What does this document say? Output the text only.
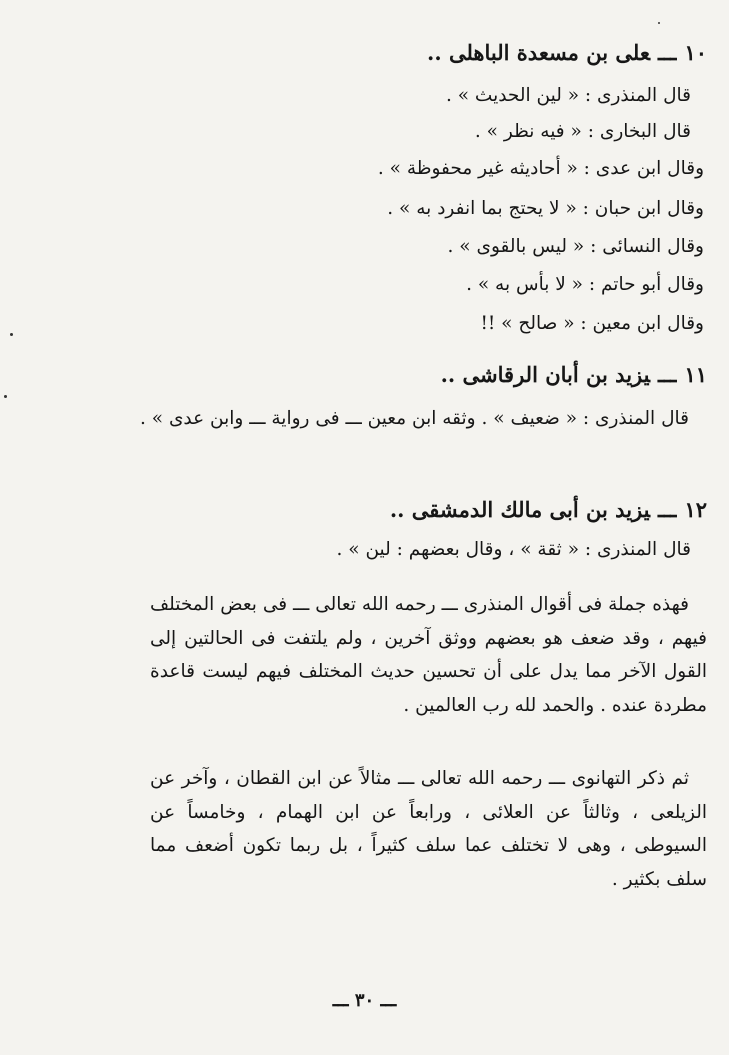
١٠ـــعلى بن مسعدة الباهلى ..
قال المنذرى : « لين الحديث » .
قال البخارى : « فيه نظر » .
وقال ابن عدى : « أحاديثه غير محفوظة » .
وقال ابن حبان : « لا يحتج بما انفرد به » .
وقال النسائى : « ليس بالقوى » .
وقال أبو حاتم : « لا بأس به » .
وقال ابن معين : « صالح » !!
١١ـــيزيد بن أبان الرقاشى ..
قال المنذرى : « ضعيف » . وثقه ابن معين ـــ فى رواية ـــ وابن عدى » .
١٢ـــيزيد بن أبى مالك الدمشقى ..
قال المنذرى : « ثقة » ، وقال بعضهم : لين » .
فهذه جملة فى أقوال المنذرى ـــ رحمه الله تعالى ـــ فى بعض المختلف فيهم ، وقد ضعف هو بعضهم ووثق آخرين ، ولم يلتفت فى الحالتين إلى القول الآخر مما يدل على أن تحسين حديث المختلف فيهم ليست قاعدة مطردة عنده . والحمد لله رب العالمين .
ثم ذكر التهانوى ـــ رحمه الله تعالى ـــ مثالاً عن ابن القطان ، وآخر عن الزيلعى ، وثالثاً عن العلائى ، ورابعاً عن ابن الهمام ، وخامساً عن السيوطى ، وهى لا تختلف عما سلف كثيراً ، بل ربما تكون أضعف مما سلف بكثير .
ـــ ٣٠ ـــ
